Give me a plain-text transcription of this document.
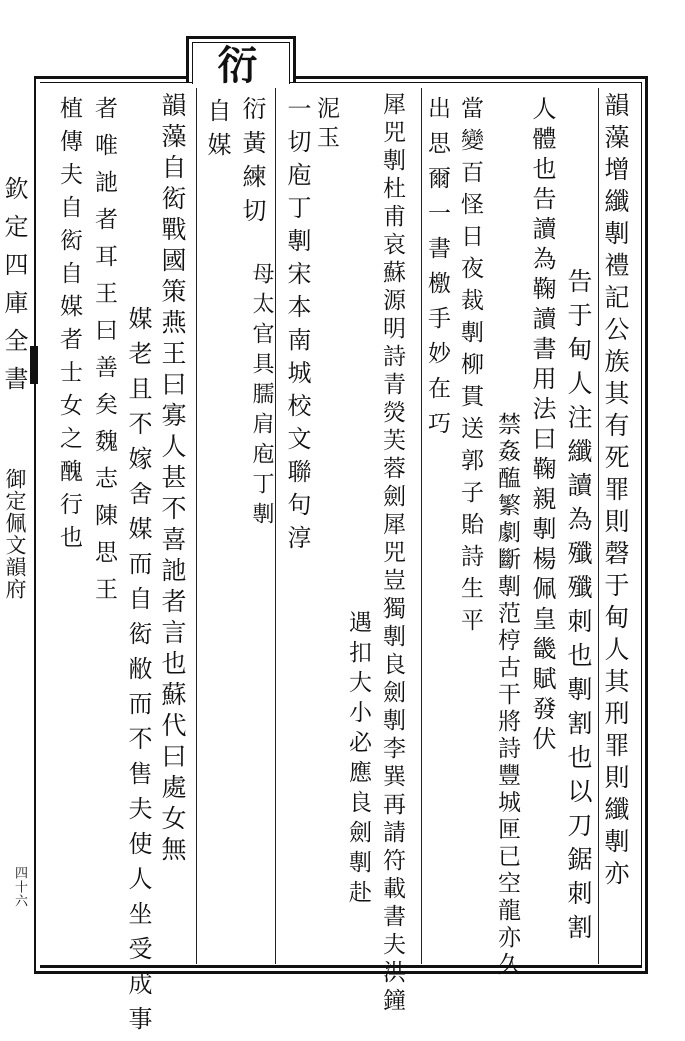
欽定四庫全書
御定佩文韻府
四十六
衍
韻藻增纖剸禮記公族其有死罪則磬于甸人其刑罪則纖剸亦
告于甸人注纖讀為殲殲刺也剸割也以刀鋸刺割
人體也告讀為鞠讀書用法曰鞠親剸楊佩皇畿賦發伏
禁姦醢繁劇斷剸范梈古干將詩豐城匣已空龍亦久
當變百怪日夜裁剸柳貫送郭子貽詩生平
出思爾一書檄手妙在巧
犀兕剸杜甫哀蘇源明詩青熒芙蓉劍犀兕豈獨剸良劍剸李巽再請符載書夫洪鐘
遇扣大小必應良劍剸赴
泥玉
一切庖丁剸宋本南城校文聯句淳
母太官具臑肩庖丁剸
衍黃練切
自媒
韻藻自衒戰國策燕王曰寡人甚不喜訑者言也蘇代曰處女無
媒老且不嫁舍媒而自衒敝而不售夫使人坐受成事
者唯訑者耳王曰善矣魏志陳思王
植傳夫自衒自媒者士女之醜行也
